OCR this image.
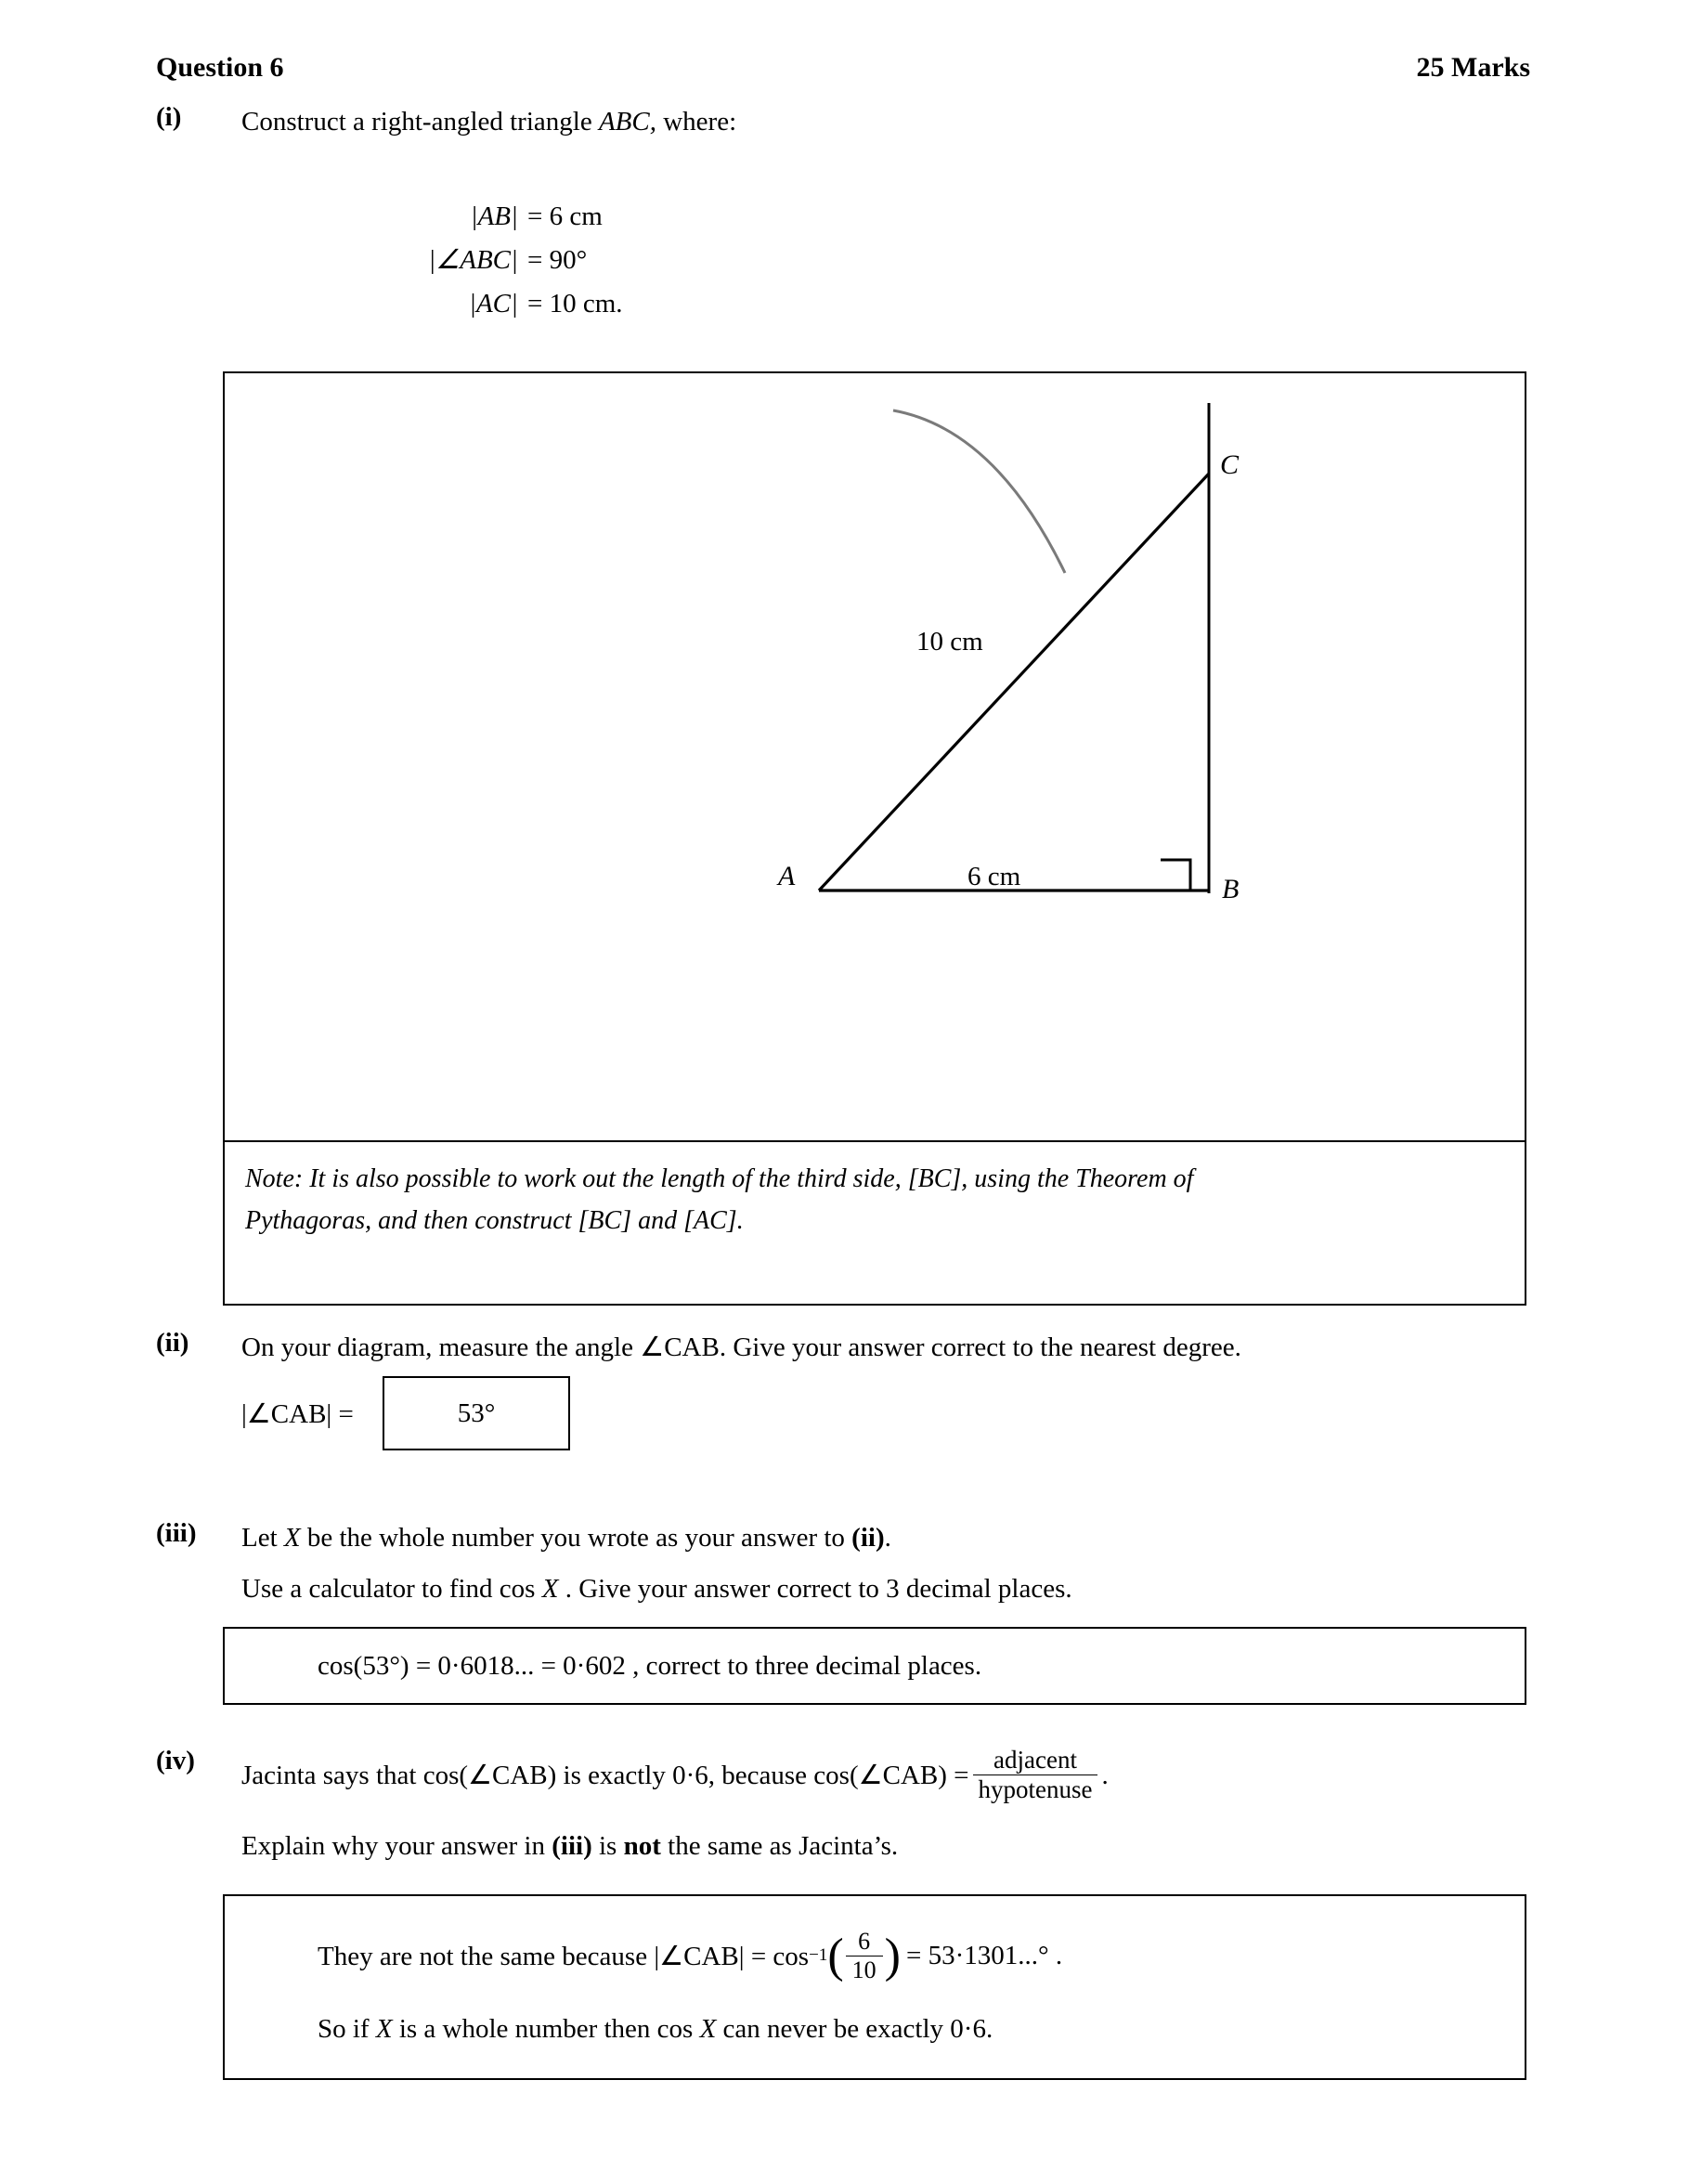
Question 6	25 Marks
(i)	Construct a right-angled triangle ABC, where:
|AB| = 6 cm
|∠ABC| = 90°
|AC| = 10 cm.
C
B
A
10 cm
6 cm
Note: It is also possible to work out the length of the third side, [BC], using the Theorem of
Pythagoras, and then construct [BC] and [AC].
(ii)	On your diagram, measure the angle ∠CAB. Give your answer correct to the nearest degree.
|∠CAB| =	53°
(iii)	Let X be the whole number you wrote as your answer to (ii).
Use a calculator to find cos X . Give your answer correct to 3 decimal places.
cos(53°) = 0·6018... = 0·602 , correct to three decimal places.
(iv)	Jacinta says that cos(∠CAB) is exactly 0·6, because cos(∠CAB) = $\frac{\text{adjacent}}{\text{hypotenuse}}$ .
Explain why your answer in (iii) is not the same as Jacinta’s.
They are not the same because |∠CAB| = cos −1 ( $\frac{6}{10}$ ) = 53·1301...° .
So if X is a whole number then cos X can never be exactly 0·6.
